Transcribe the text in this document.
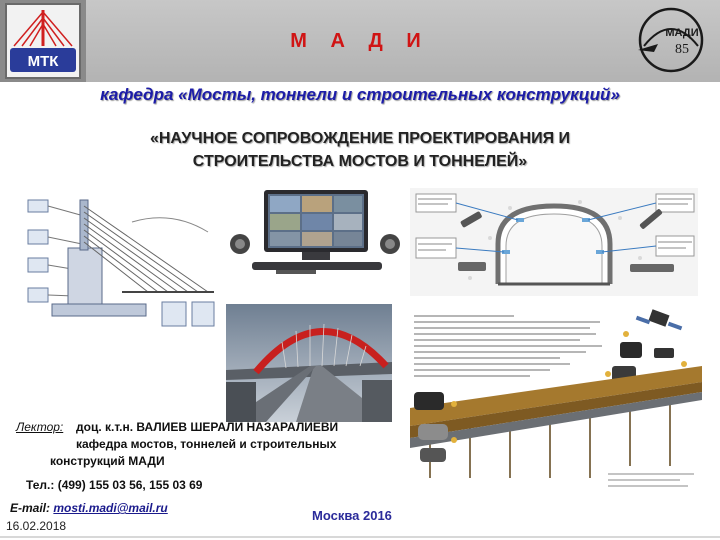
МТК
МАДИ
85
М А Д И
кафедра «Мосты, тоннели и строительных конструкций»
«НАУЧНОЕ СОПРОВОЖДЕНИЕ ПРОЕКТИРОВАНИЯ И
СТРОИТЕЛЬСТВА МОСТОВ И ТОННЕЛЕЙ»
Лектор: доц. к.т.н. ВАЛИЕВ ШЕРАЛИ НАЗАРАЛИЕВИ
кафедра мостов, тоннелей и строительных
конструкций МАДИ
Тел.: (499) 155 03 56, 155 03 69
E-mail: mosti.madi@mail.ru
16.02.2018
Москва 2016
